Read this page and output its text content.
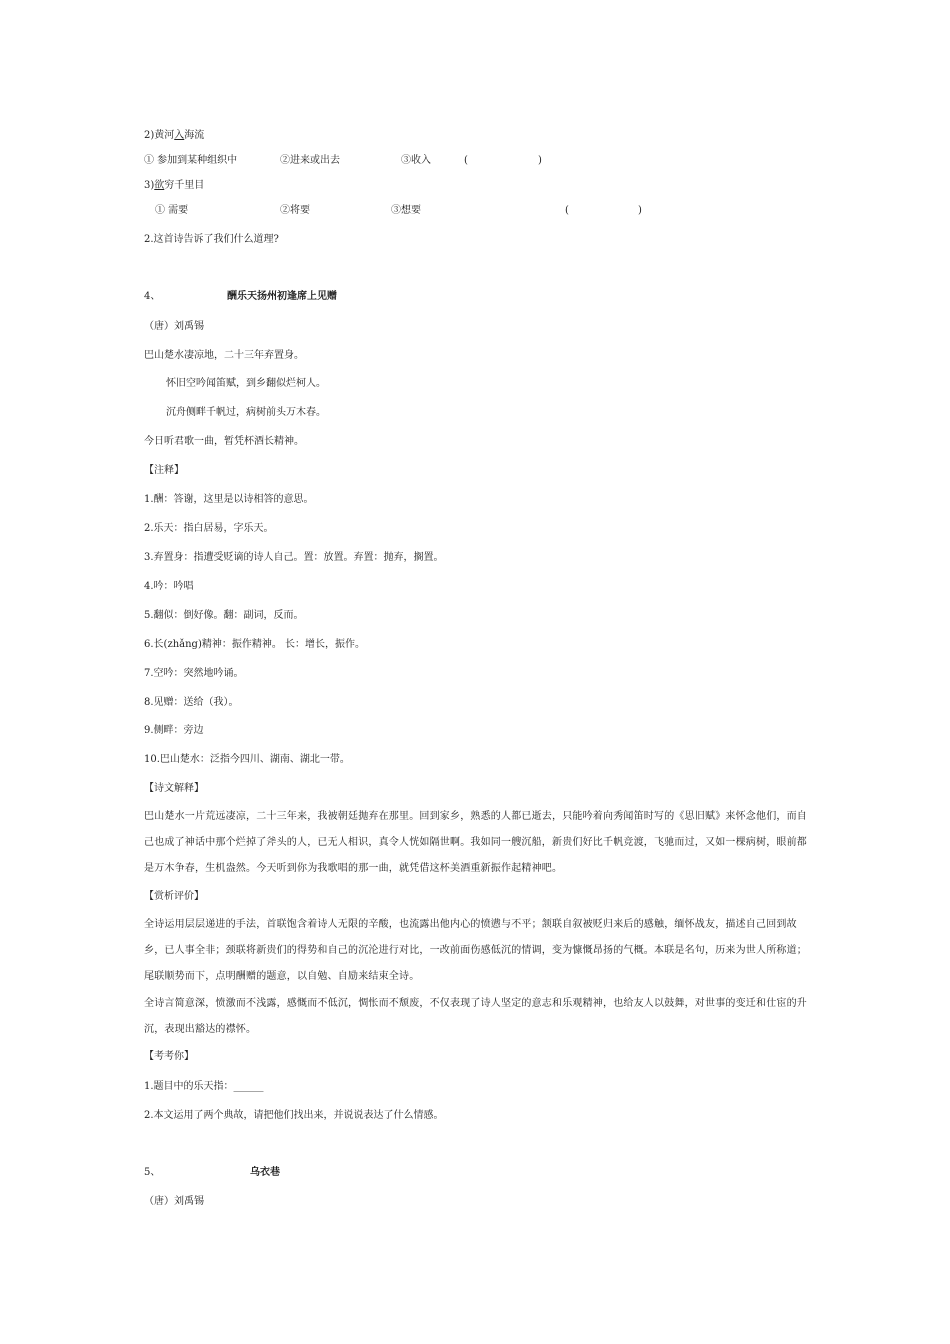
2)黄河入海流
① 参加到某种组织中	②进来或出去	③收入	(	)
3)欲穷千里目
① 需要	②将要	③想要	(	)
2.这首诗告诉了我们什么道理?
4、	酬乐天扬州初逢席上见赠
（唐）刘禹锡
巴山楚水凄凉地，二十三年弃置身。
怀旧空吟闻笛赋，到乡翻似烂柯人。
沉舟侧畔千帆过，病树前头万木春。
今日听君歌一曲，暂凭杯酒长精神。
【注释】
1.酬：答谢，这里是以诗相答的意思。
2.乐天：指白居易，字乐天。
3.弃置身：指遭受贬谪的诗人自己。置：放置。弃置：抛弃，搁置。
4.吟：吟唱
5.翻似：倒好像。翻：副词，反而。
6.长(zhǎng)精神：振作精神。 长：增长，振作。
7.空吟：突然地吟诵。
8.见赠：送给（我）。
9.侧畔：旁边
10.巴山楚水：泛指今四川、湖南、湖北一带。
【诗文解释】
巴山楚水一片荒远凄凉，二十三年来，我被朝廷抛弃在那里。回到家乡，熟悉的人都已逝去，只能吟着向秀闻笛时写的《思旧赋》来怀念他们，而自己也成了神话中那个烂掉了斧头的人，已无人相识，真令人恍如隔世啊。我如同一艘沉船，新贵们好比千帆竞渡，飞驰而过，又如一棵病树，眼前都是万木争春，生机盎然。今天听到你为我歌唱的那一曲，就凭借这杯美酒重新振作起精神吧。
【赏析评价】
全诗运用层层递进的手法，首联饱含着诗人无限的辛酸，也流露出他内心的愤懑与不平；颔联自叙被贬归来后的感触，缅怀战友，描述自己回到故乡，已人事全非；颈联将新贵们的得势和自己的沉沦进行对比，一改前面伤感低沉的情调，变为慷慨昂扬的气概。本联是名句，历来为世人所称道；尾联顺势而下，点明酬赠的题意，以自勉、自励来结束全诗。
全诗言简意深，愤激而不浅露，感慨而不低沉，惆怅而不颓废，不仅表现了诗人坚定的意志和乐观精神，也给友人以鼓舞，对世事的变迁和仕宦的升沉，表现出豁达的襟怀。
【考考你】
1.题目中的乐天指：______
2.本文运用了两个典故，请把他们找出来，并说说表达了什么情感。
5、	乌衣巷
（唐）刘禹锡
